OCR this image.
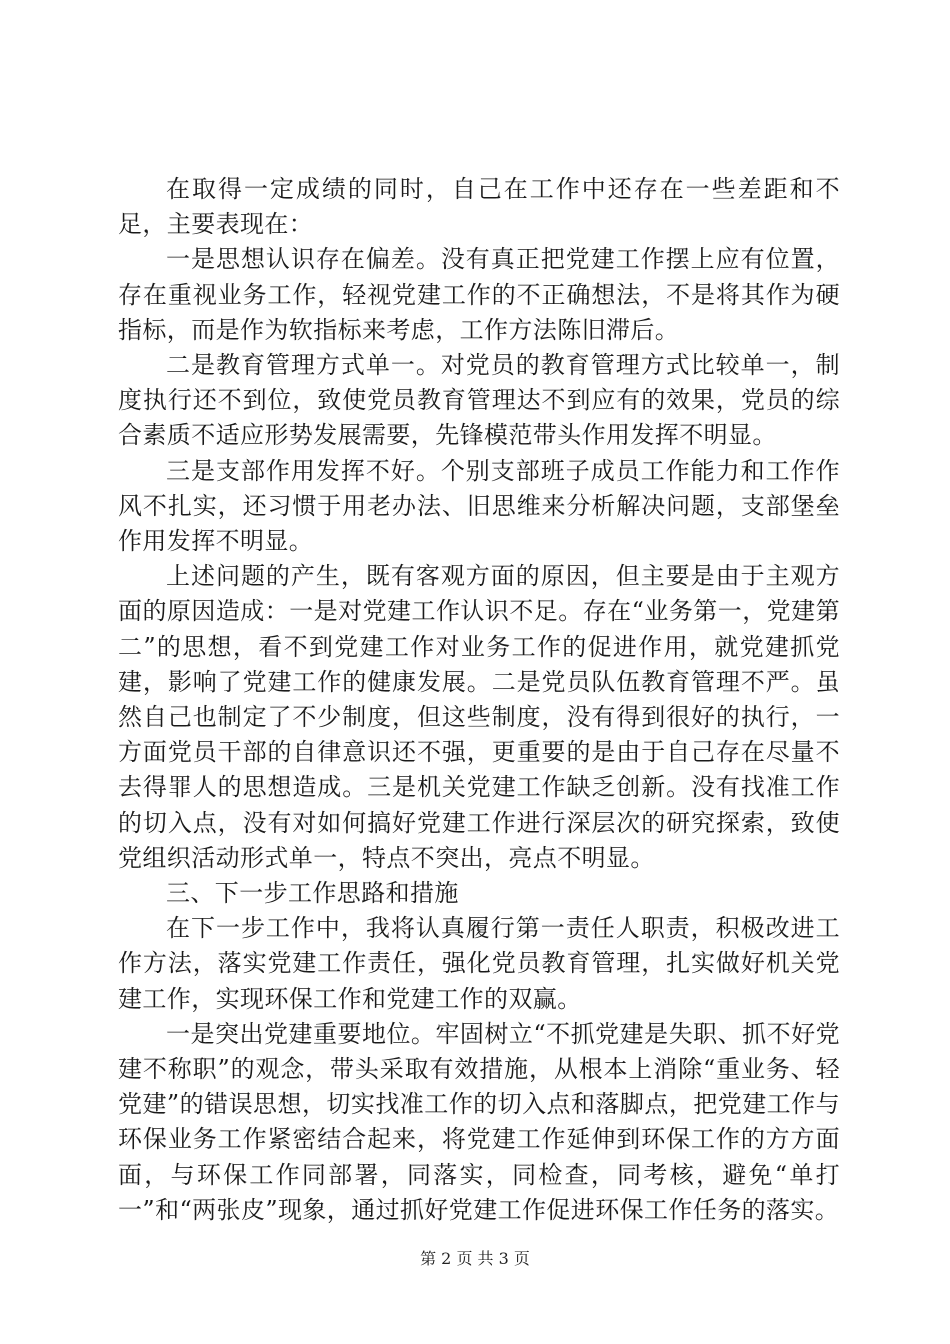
在取得一定成绩的同时，自己在工作中还存在一些差距和不足，主要表现在：

一是思想认识存在偏差。没有真正把党建工作摆上应有位置，存在重视业务工作，轻视党建工作的不正确想法，不是将其作为硬指标，而是作为软指标来考虑，工作方法陈旧滞后。

二是教育管理方式单一。对党员的教育管理方式比较单一，制度执行还不到位，致使党员教育管理达不到应有的效果，党员的综合素质不适应形势发展需要，先锋模范带头作用发挥不明显。

三是支部作用发挥不好。个别支部班子成员工作能力和工作作风不扎实，还习惯于用老办法、旧思维来分析解决问题，支部堡垒作用发挥不明显。

上述问题的产生，既有客观方面的原因，但主要是由于主观方面的原因造成：一是对党建工作认识不足。存在“业务第一，党建第二”的思想，看不到党建工作对业务工作的促进作用，就党建抓党建，影响了党建工作的健康发展。二是党员队伍教育管理不严。虽然自己也制定了不少制度，但这些制度，没有得到很好的执行，一方面党员干部的自律意识还不强，更重要的是由于自己存在尽量不去得罪人的思想造成。三是机关党建工作缺乏创新。没有找准工作的切入点，没有对如何搞好党建工作进行深层次的研究探索，致使党组织活动形式单一，特点不突出，亮点不明显。

三、下一步工作思路和措施

在下一步工作中，我将认真履行第一责任人职责，积极改进工作方法，落实党建工作责任，强化党员教育管理，扎实做好机关党建工作，实现环保工作和党建工作的双赢。

一是突出党建重要地位。牢固树立“不抓党建是失职、抓不好党建不称职”的观念，带头采取有效措施，从根本上消除“重业务、轻党建”的错误思想，切实找准工作的切入点和落脚点，把党建工作与环保业务工作紧密结合起来，将党建工作延伸到环保工作的方方面面，与环保工作同部署，同落实，同检查，同考核，避免“单打一”和“两张皮”现象，通过抓好党建工作促进环保工作任务的落实。

第 2 页 共 3 页
